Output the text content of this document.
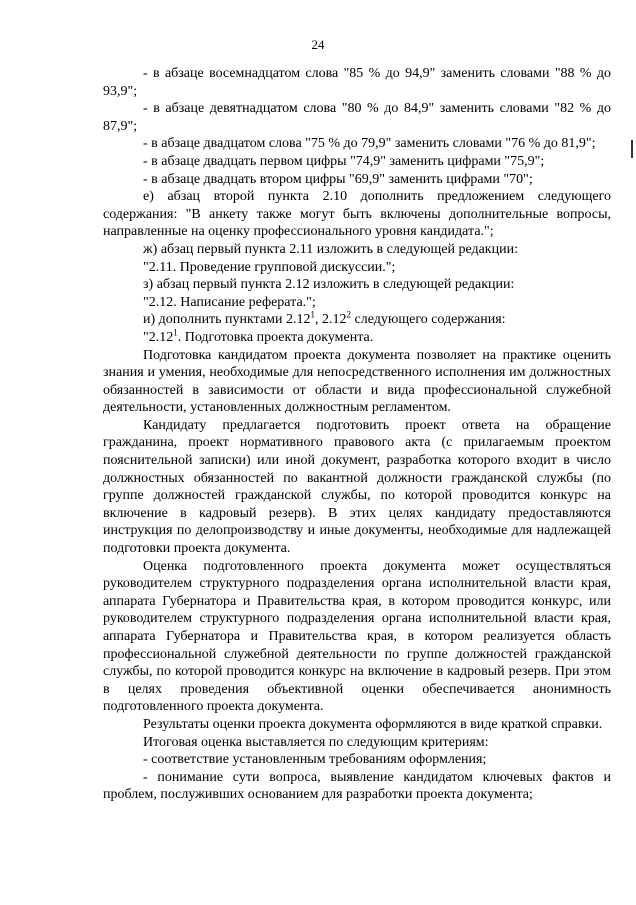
24

- в абзаце восемнадцатом слова "85 % до 94,9" заменить словами "88 % до 93,9";

- в абзаце девятнадцатом слова "80 % до 84,9" заменить словами "82 % до 87,9";

- в абзаце двадцатом слова "75 % до 79,9" заменить словами "76 % до 81,9";

- в абзаце двадцать первом цифры "74,9" заменить цифрами "75,9";

- в абзаце двадцать втором цифры "69,9" заменить цифрами "70";

е) абзац второй пункта 2.10 дополнить предложением следующего содержания: "В анкету также могут быть включены дополнительные вопросы, направленные на оценку профессионального уровня кандидата.";

ж) абзац первый пункта 2.11 изложить в следующей редакции:

"2.11. Проведение групповой дискуссии.";

з) абзац первый пункта 2.12 изложить в следующей редакции:

"2.12. Написание реферата.";

и) дополнить пунктами 2.12$^1$, 2.12$^2$ следующего содержания:

"2.12$^1$. Подготовка проекта документа.

Подготовка кандидатом проекта документа позволяет на практике оценить знания и умения, необходимые для непосредственного исполнения им должностных обязанностей в зависимости от области и вида профессиональной служебной деятельности, установленных должностным регламентом.

Кандидату предлагается подготовить проект ответа на обращение гражданина, проект нормативного правового акта (с прилагаемым проектом пояснительной записки) или иной документ, разработка которого входит в число должностных обязанностей по вакантной должности гражданской службы (по группе должностей гражданской службы, по которой проводится конкурс на включение в кадровый резерв). В этих целях кандидату предоставляются инструкция по делопроизводству и иные документы, необходимые для надлежащей подготовки проекта документа.

Оценка подготовленного проекта документа может осуществляться руководителем структурного подразделения органа исполнительной власти края, аппарата Губернатора и Правительства края, в котором проводится конкурс, или руководителем структурного подразделения органа исполнительной власти края, аппарата Губернатора и Правительства края, в котором реализуется область профессиональной служебной деятельности по группе должностей гражданской службы, по которой проводится конкурс на включение в кадровый резерв. При этом в целях проведения объективной оценки обеспечивается анонимность подготовленного проекта документа.

Результаты оценки проекта документа оформляются в виде краткой справки.

Итоговая оценка выставляется по следующим критериям:

- соответствие установленным требованиям оформления;

- понимание сути вопроса, выявление кандидатом ключевых фактов и проблем, послуживших основанием для разработки проекта документа;
